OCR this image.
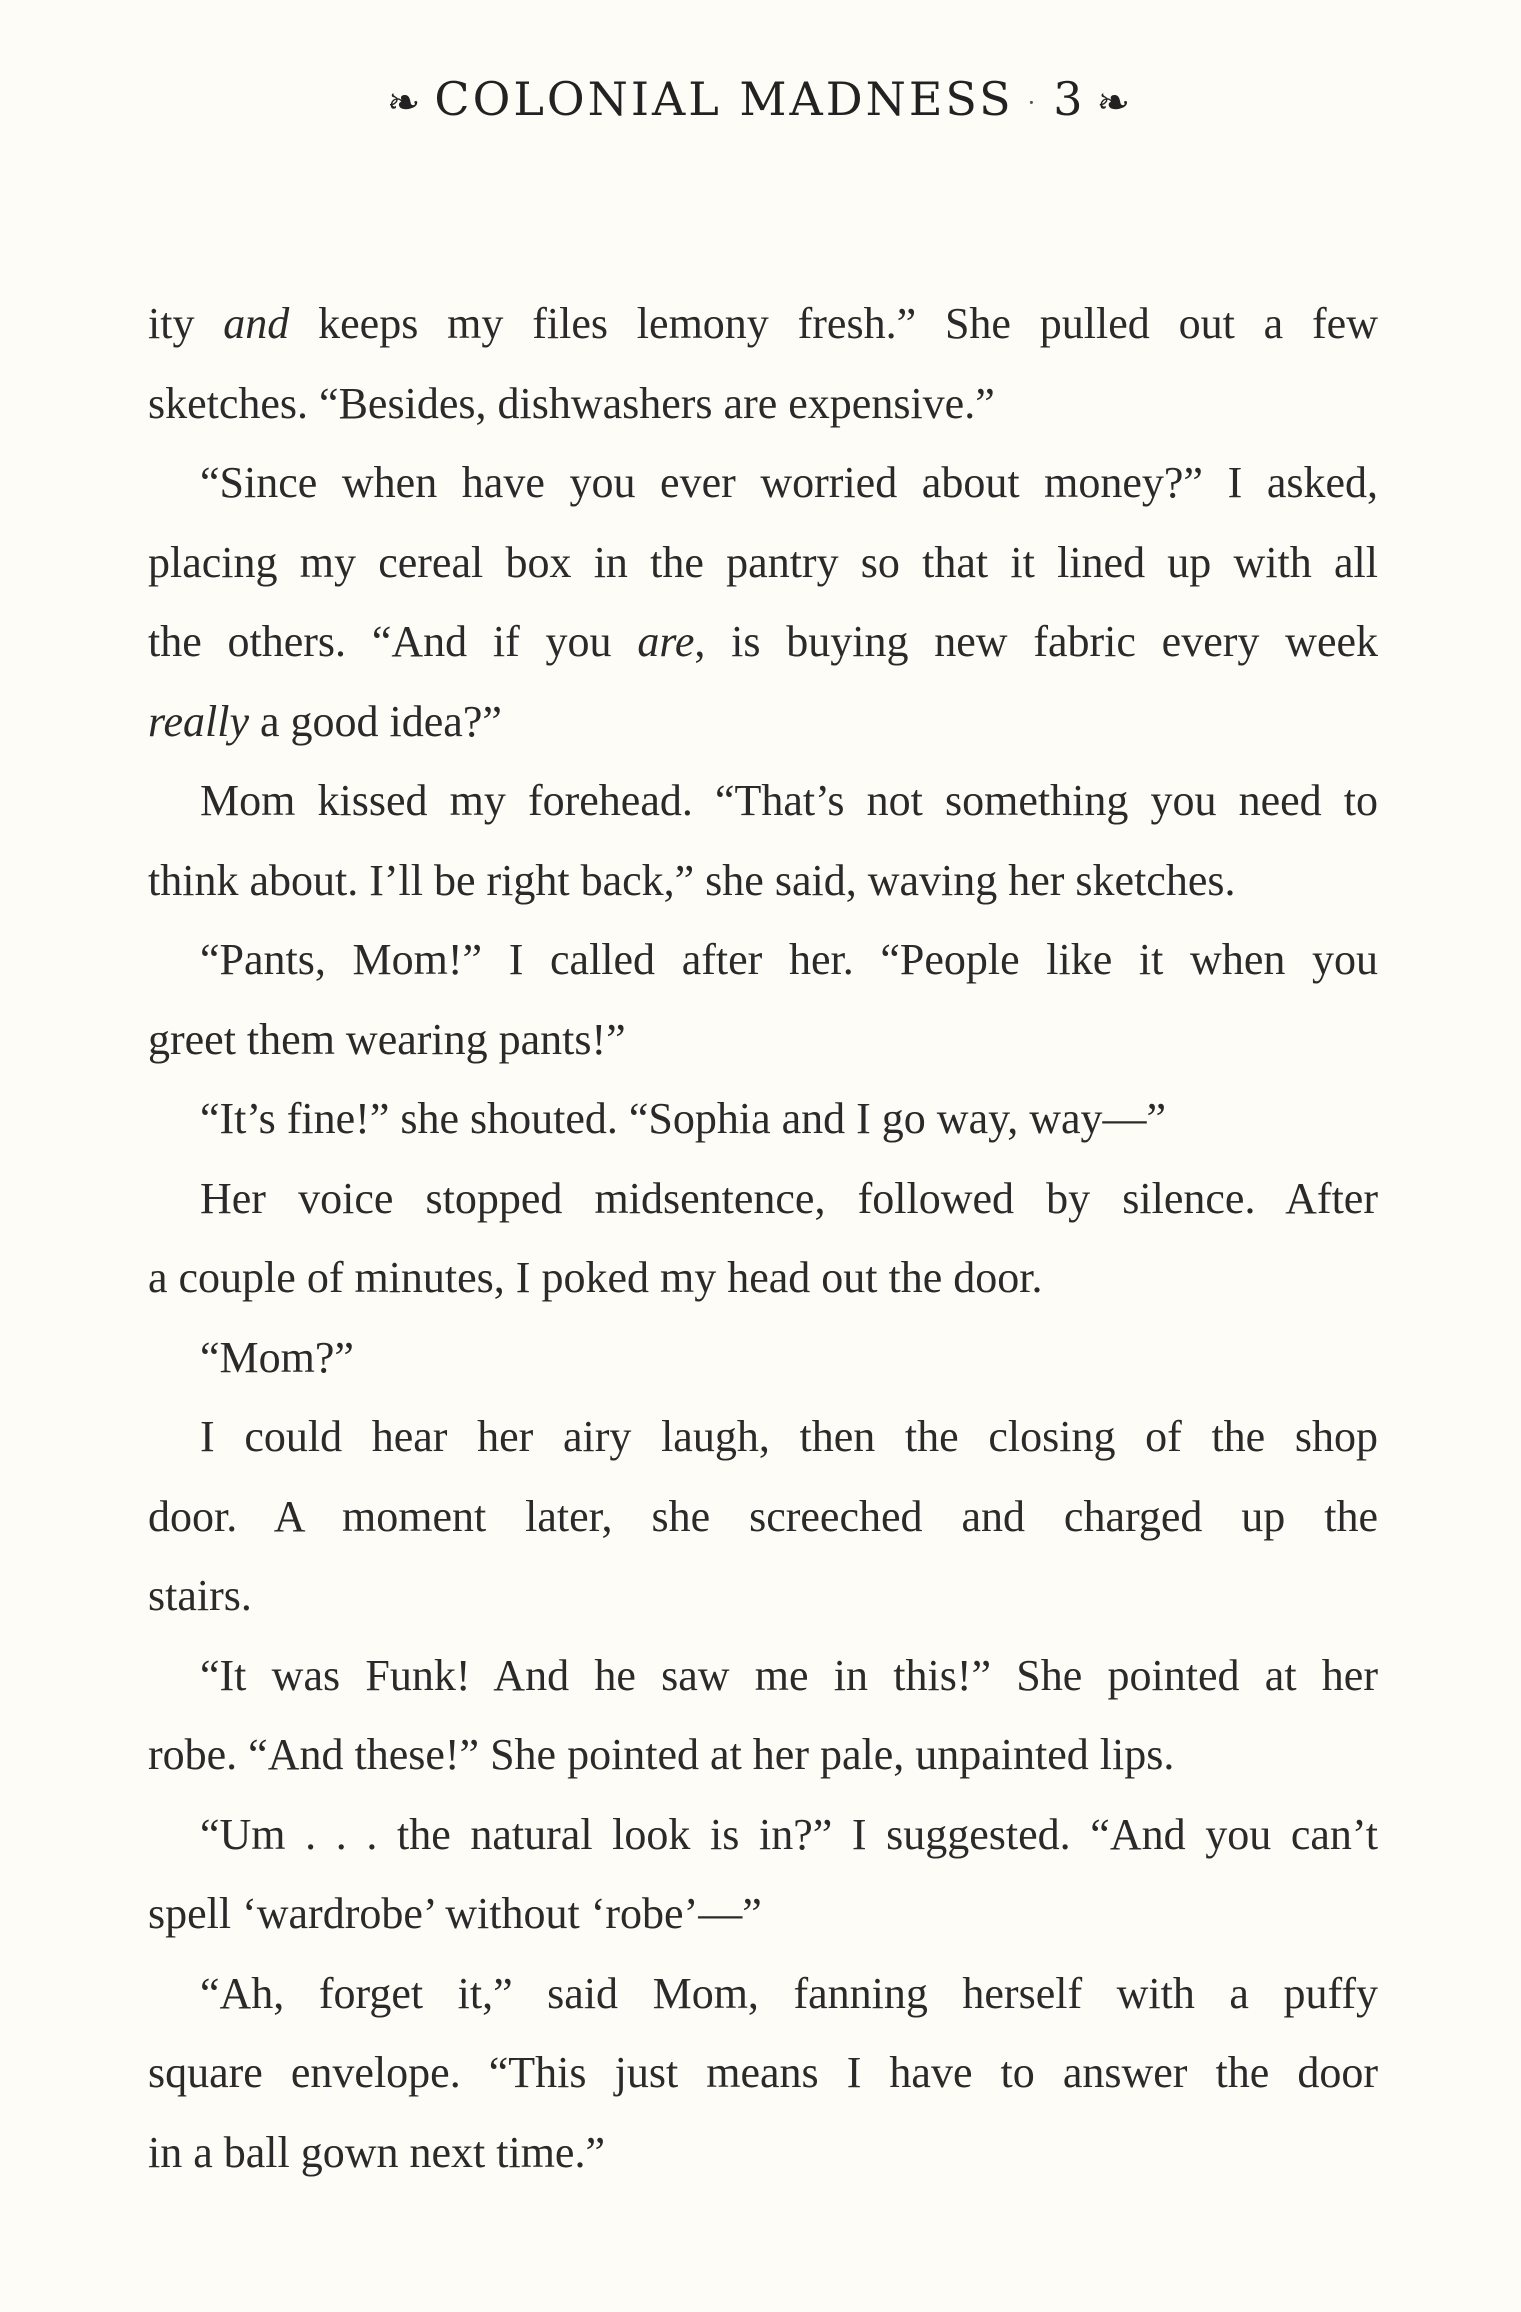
❧ COLONIAL MADNESS · 3 ❧
ity and keeps my files lemony fresh.” She pulled out a few
sketches. “Besides, dishwashers are expensive.”
“Since when have you ever worried about money?” I asked,
placing my cereal box in the pantry so that it lined up with all
the others. “And if you are, is buying new fabric every week
really a good idea?”
Mom kissed my forehead. “That’s not something you need to
think about. I’ll be right back,” she said, waving her sketches.
“Pants, Mom!” I called after her. “People like it when you
greet them wearing pants!”
“It’s fine!” she shouted. “Sophia and I go way, way—”
Her voice stopped midsentence, followed by silence. After
a couple of minutes, I poked my head out the door.
“Mom?”
I could hear her airy laugh, then the closing of the shop
door. A moment later, she screeched and charged up the
stairs.
“It was Funk! And he saw me in this!” She pointed at her
robe. “And these!” She pointed at her pale, unpainted lips.
“Um . . . the natural look is in?” I suggested. “And you can’t
spell ‘wardrobe’ without ‘robe’—”
“Ah, forget it,” said Mom, fanning herself with a puffy
square envelope. “This just means I have to answer the door
in a ball gown next time.”
